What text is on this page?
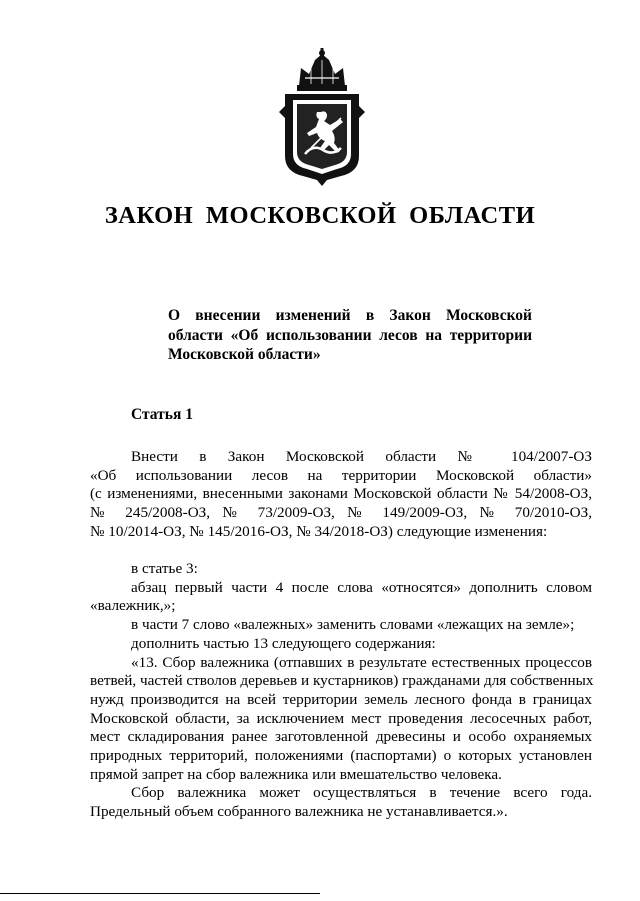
ЗАКОН МОСКОВСКОЙ ОБЛАСТИ
О внесении изменений в Закон Московской
области «Об использовании лесов на территории
Московской области»
Статья 1
Внести в Закон Московской области № 104/2007-ОЗ
«Об использовании лесов на территории Московской области»
(с изменениями, внесенными законами Московской области № 54/2008-ОЗ,
№ 245/2008-ОЗ, № 73/2009-ОЗ, № 149/2009-ОЗ, № 70/2010-ОЗ,
№ 10/2014-ОЗ, № 145/2016-ОЗ, № 34/2018-ОЗ) следующие изменения:
в статье 3:
абзац первый части 4 после слова «относятся» дополнить словом
«валежник,»;
в части 7 слово «валежных» заменить словами «лежащих на земле»;
дополнить частью 13 следующего содержания:
«13. Сбор валежника (отпавших в результате естественных процессов
ветвей, частей стволов деревьев и кустарников) гражданами для собственных
нужд производится на всей территории земель лесного фонда в границах
Московской области, за исключением мест проведения лесосечных работ,
мест складирования ранее заготовленной древесины и особо охраняемых
природных территорий, положениями (паспортами) о которых установлен
прямой запрет на сбор валежника или вмешательство человека.
Сбор валежника может осуществляться в течение всего года.
Предельный объем собранного валежника не устанавливается.».
